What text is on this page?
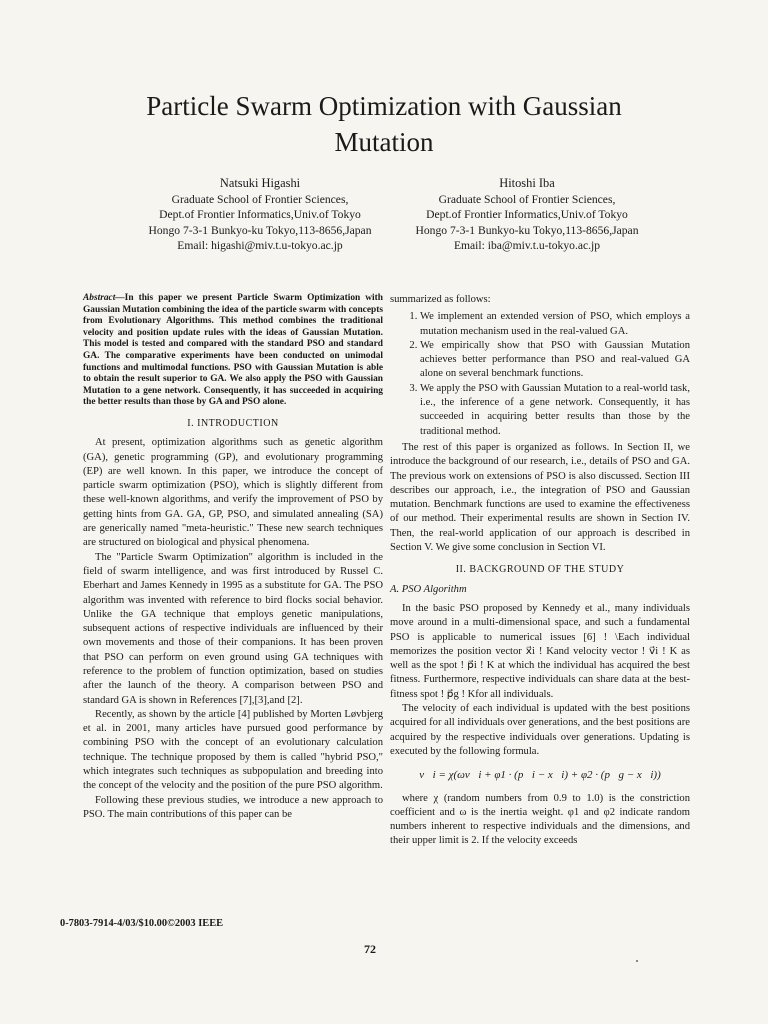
Particle Swarm Optimization with Gaussian
Mutation
Natsuki Higashi
Graduate School of Frontier Sciences,
Dept.of Frontier Informatics,Univ.of Tokyo
Hongo 7-3-1 Bunkyo-ku Tokyo,113-8656,Japan
Email: higashi@miv.t.u-tokyo.ac.jp
Hitoshi Iba
Graduate School of Frontier Sciences,
Dept.of Frontier Informatics,Univ.of Tokyo
Hongo 7-3-1 Bunkyo-ku Tokyo,113-8656,Japan
Email: iba@miv.t.u-tokyo.ac.jp

Abstract—In this paper we present Particle Swarm Optimization with Gaussian Mutation combining the idea of the particle swarm with concepts from Evolutionary Algorithms. This method combines the traditional velocity and position update rules with the ideas of Gaussian Mutation. This model is tested and compared with the standard PSO and standard GA. The comparative experiments have been conducted on unimodal functions and multimodal functions. PSO with Gaussian Mutation is able to obtain the result superior to GA. We also apply the PSO with Gaussian Mutation to a gene network. Consequently, it has succeeded in acquiring the better results than those by GA and PSO alone.

I. INTRODUCTION

At present, optimization algorithms such as genetic algorithm (GA), genetic programming (GP), and evolutionary programming (EP) are well known. In this paper, we introduce the concept of particle swarm optimization (PSO), which is slightly different from these well-known algorithms, and verify the improvement of PSO by getting hints from GA. GA, GP, PSO, and simulated annealing (SA) are generically named "meta-heuristic." These new search techniques are structured on biological and physical phenomena.

The "Particle Swarm Optimization" algorithm is included in the field of swarm intelligence, and was first introduced by Russel C. Eberhart and James Kennedy in 1995 as a substitute for GA. The PSO algorithm was invented with reference to bird flocks social behavior. Unlike the GA technique that employs genetic manipulations, subsequent actions of respective individuals are influenced by their own movements and those of their companions. It has been proven that PSO can perform on even ground using GA techniques with reference to the problem of function optimization, based on studies after the launch of the theory. A comparison between PSO and standard GA is shown in References [7],[3],and [2].

Recently, as shown by the article [4] published by Morten Løvbjerg et al. in 2001, many articles have pursued good performance by combining PSO with the concept of an evolutionary calculation technique. The technique proposed by them is called "hybrid PSO," which integrates such techniques as subpopulation and breeding into the concept of the velocity and the position of the pure PSO algorithm.

Following these previous studies, we introduce a new approach to PSO. The main contributions of this paper can be

summarized as follows:

1. We implement an extended version of PSO, which employs a mutation mechanism used in the real-valued GA.
2. We empirically show that PSO with Gaussian Mutation achieves better performance than PSO and real-valued GA alone on several benchmark functions.
3. We apply the PSO with Gaussian Mutation to a real-world task, i.e., the inference of a gene network. Consequently, it has succeeded in acquiring better results than those by the traditional method.

The rest of this paper is organized as follows. In Section II, we introduce the background of our research, i.e., details of PSO and GA. The previous work on extensions of PSO is also discussed. Section III describes our approach, i.e., the integration of PSO and Gaussian mutation. Benchmark functions are used to examine the effectiveness of our method. Their experimental results are shown in Section IV. Then, the real-world application of our approach is described in Section V. We give some conclusion in Section VI.

II. BACKGROUND OF THE STUDY
A. PSO Algorithm

In the basic PSO proposed by Kennedy et al., many individuals move around in a multi-dimensional space, and such a fundamental PSO is applicable to numerical issues [6] ! \Each individual memorizes the position vector x⃗i ! Kand velocity vector ! v⃗i ! K as well as the spot ! p⃗i ! K at which the individual has acquired the best fitness. Furthermore, respective individuals can share data at the best-fitness spot ! p⃗g ! Kfor all individuals.

The velocity of each individual is updated with the best positions acquired for all individuals over generations, and the best positions are acquired by the respective individuals over generations. Updating is executed by the following formula.

v⃗i = χ(ωv⃗i + φ1 · (p⃗i − x⃗i) + φ2 · (p⃗g − x⃗i))

where χ (random numbers from 0.9 to 1.0) is the constriction coefficient and ω is the inertia weight. φ1 and φ2 indicate random numbers inherent to respective individuals and the dimensions, and their upper limit is 2. If the velocity exceeds

0-7803-7914-4/03/$10.00©2003 IEEE
72
